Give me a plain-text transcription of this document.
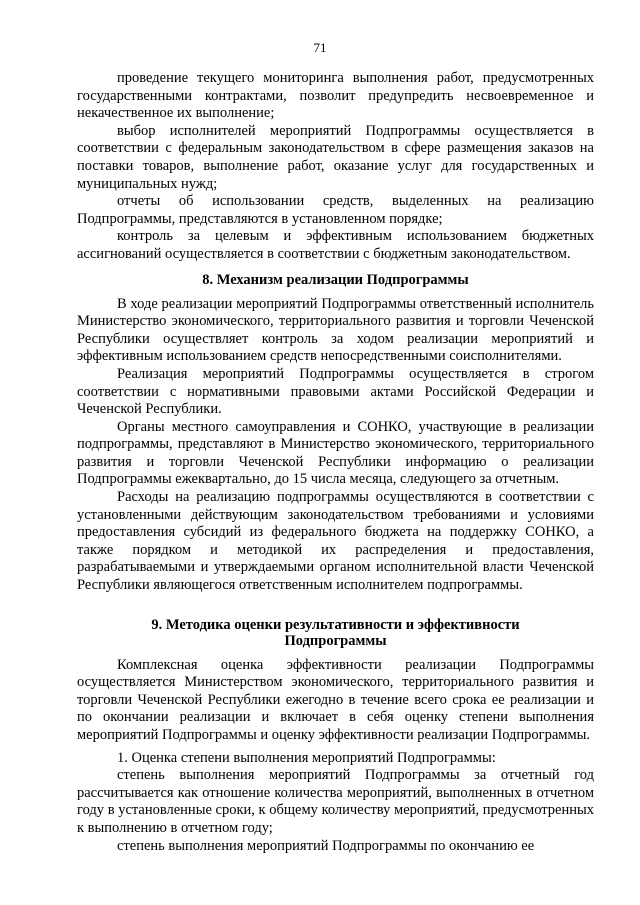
71

проведение текущего мониторинга выполнения работ, предусмотренных государственными контрактами, позволит предупредить несвоевременное и некачественное их выполнение;

выбор исполнителей мероприятий Подпрограммы осуществляется в соответствии с федеральным законодательством в сфере размещения заказов на поставки товаров, выполнение работ, оказание услуг для государственных и муниципальных нужд;

отчеты об использовании средств, выделенных на реализацию Подпрограммы, представляются в установленном порядке;

контроль за целевым и эффективным использованием бюджетных ассигнований осуществляется в соответствии с бюджетным законодательством.

8. Механизм реализации Подпрограммы

В ходе реализации мероприятий Подпрограммы ответственный исполнитель Министерство экономического, территориального развития и торговли Чеченской Республики осуществляет контроль за ходом реализации мероприятий и эффективным использованием средств непосредственными соисполнителями.

Реализация мероприятий Подпрограммы осуществляется в строгом соответствии с нормативными правовыми актами Российской Федерации и Чеченской Республики.

Органы местного самоуправления и СОНКО, участвующие в реализации подпрограммы, представляют в Министерство экономического, территориального развития и торговли Чеченской Республики информацию о реализации Подпрограммы ежеквартально, до 15 числа месяца, следующего за отчетным.

Расходы на реализацию подпрограммы осуществляются в соответствии с установленными действующим законодательством требованиями и условиями предоставления субсидий из федерального бюджета на поддержку СОНКО, а также порядком и методикой их распределения и предоставления, разрабатываемыми и утверждаемыми органом исполнительной власти Чеченской Республики являющегося ответственным исполнителем подпрограммы.

9. Методика оценки результативности и эффективности
Подпрограммы

Комплексная оценка эффективности реализации Подпрограммы осуществляется Министерством экономического, территориального развития и торговли Чеченской Республики ежегодно в течение всего срока ее реализации и по окончании реализации и включает в себя оценку степени выполнения мероприятий Подпрограммы и оценку эффективности реализации Подпрограммы.

1. Оценка степени выполнения мероприятий Подпрограммы:

степень выполнения мероприятий Подпрограммы за отчетный год рассчитывается как отношение количества мероприятий, выполненных в отчетном году в установленные сроки, к общему количеству мероприятий, предусмотренных к выполнению в отчетном году;

степень выполнения мероприятий Подпрограммы по окончанию ее
